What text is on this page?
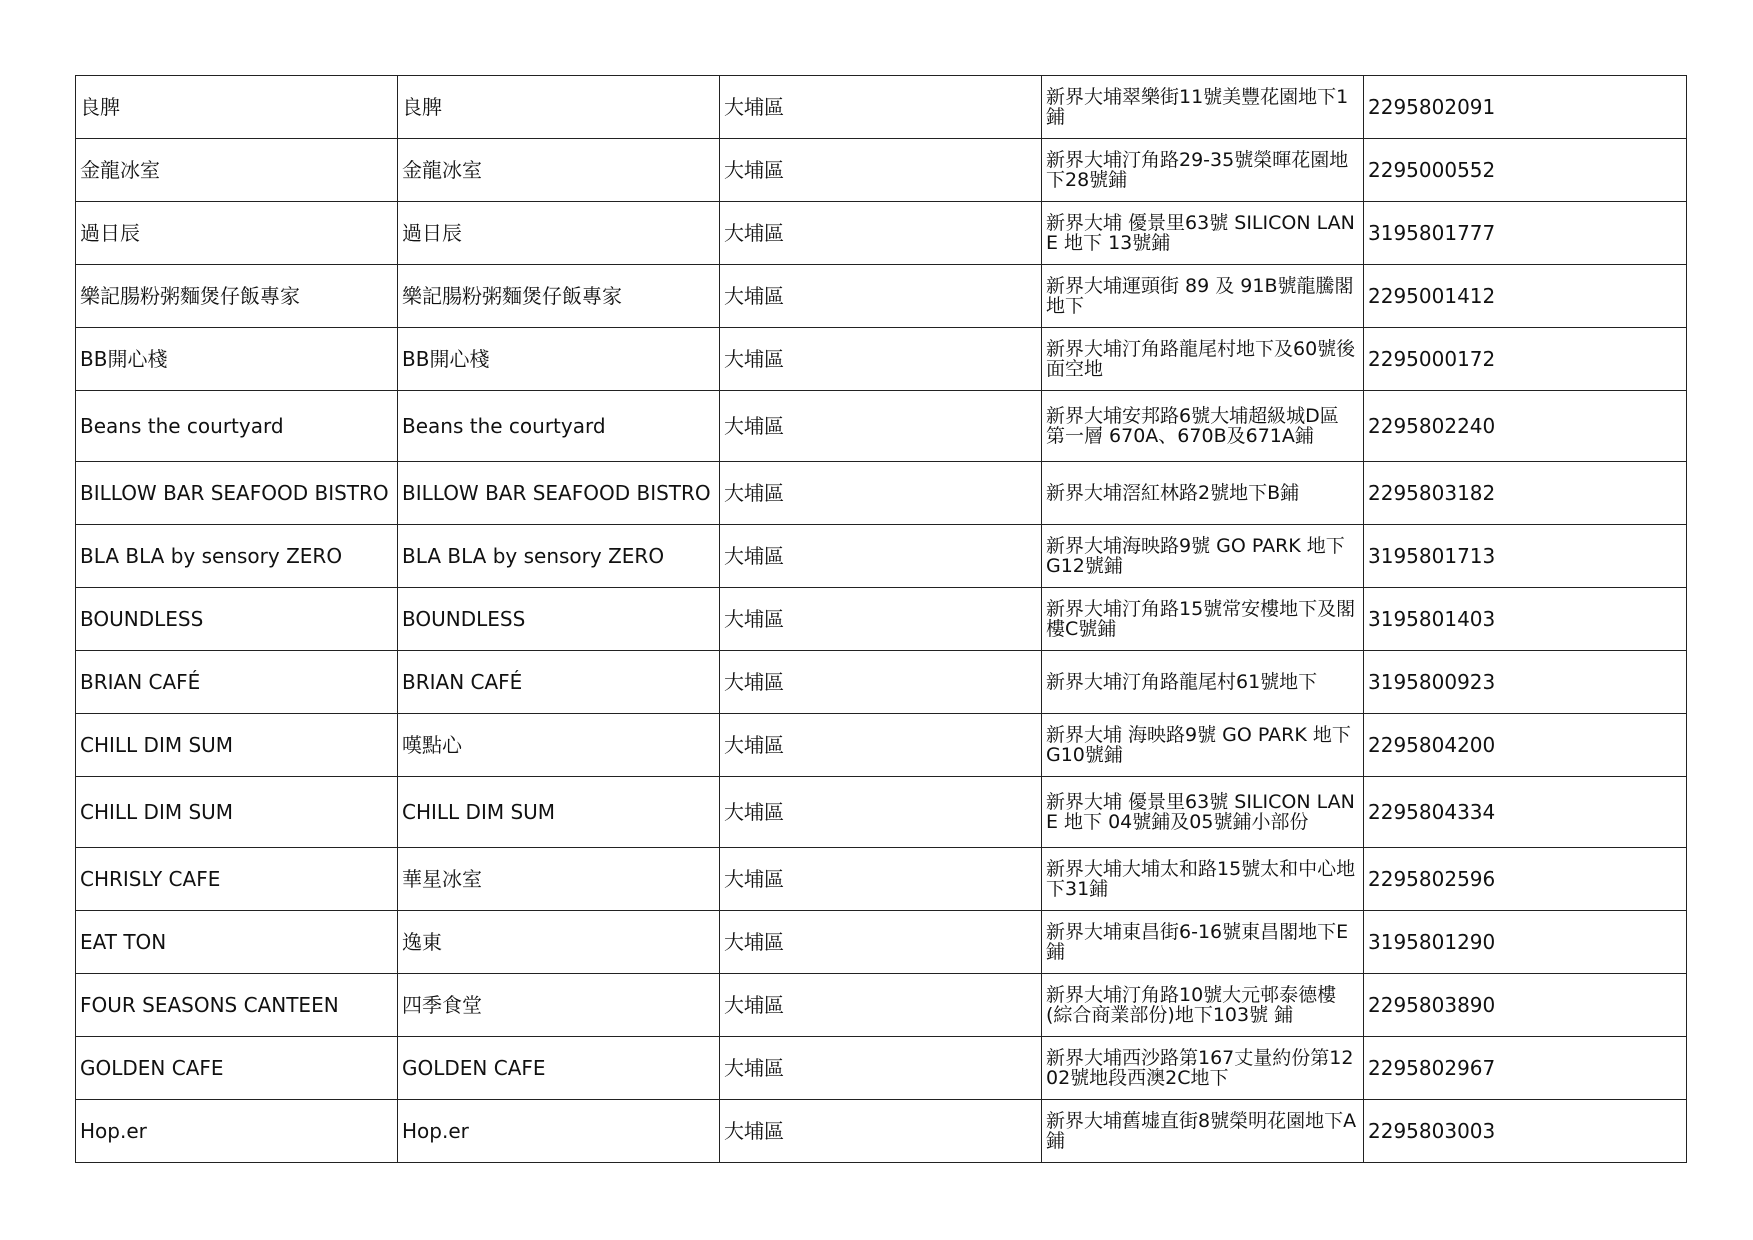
良脾	良脾	大埔區	新界大埔翠樂街11號美豐花園地下1鋪	2295802091
金龍冰室	金龍冰室	大埔區	新界大埔汀角路29-35號榮暉花園地下28號鋪	2295000552
過日辰	過日辰	大埔區	新界大埔 優景里63號 SILICON LANE 地下 13號鋪	3195801777
樂記腸粉粥麵煲仔飯專家	樂記腸粉粥麵煲仔飯專家	大埔區	新界大埔運頭街 89 及 91B號龍騰閣地下	2295001412
BB開心棧	BB開心棧	大埔區	新界大埔汀角路龍尾村地下及60號後面空地	2295000172
Beans the courtyard	Beans the courtyard	大埔區	新界大埔安邦路6號大埔超級城D區第一層 670A、670B及671A鋪	2295802240
BILLOW BAR SEAFOOD BISTRO	BILLOW BAR SEAFOOD BISTRO	大埔區	新界大埔滘紅林路2號地下B鋪	2295803182
BLA BLA by sensory ZERO	BLA BLA by sensory ZERO	大埔區	新界大埔海映路9號 GO PARK 地下G12號鋪	3195801713
BOUNDLESS	BOUNDLESS	大埔區	新界大埔汀角路15號常安樓地下及閣樓C號鋪	3195801403
BRIAN CAFÉ	BRIAN CAFÉ	大埔區	新界大埔汀角路龍尾村61號地下	3195800923
CHILL DIM SUM	嘆點心	大埔區	新界大埔 海映路9號 GO PARK 地下 G10號鋪	2295804200
CHILL DIM SUM	CHILL DIM SUM	大埔區	新界大埔 優景里63號 SILICON LANE 地下 04號鋪及05號鋪小部份	2295804334
CHRISLY CAFE	華星冰室	大埔區	新界大埔大埔太和路15號太和中心地下31鋪	2295802596
EAT TON	逸東	大埔區	新界大埔東昌街6-16號東昌閣地下E鋪	3195801290
FOUR SEASONS CANTEEN	四季食堂	大埔區	新界大埔汀角路10號大元邨泰德樓(綜合商業部份)地下103號 鋪	2295803890
GOLDEN CAFE	GOLDEN CAFE	大埔區	新界大埔西沙路第167丈量約份第1202號地段西澳2C地下	2295802967
Hop.er	Hop.er	大埔區	新界大埔舊墟直街8號榮明花園地下A鋪	2295803003
